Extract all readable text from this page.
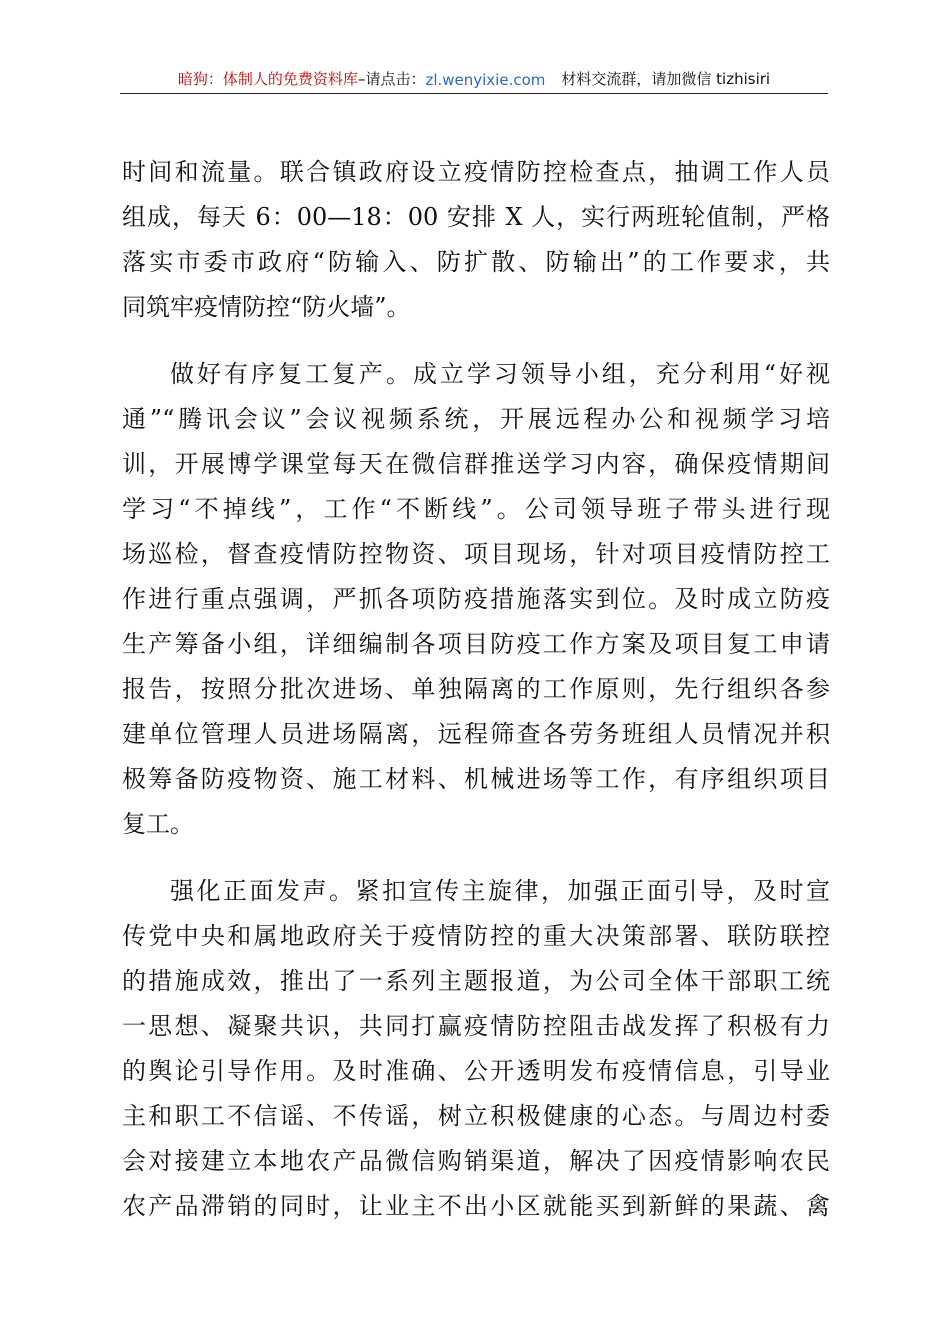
暗狗：体制人的免费资料库 –请点击： zl.wenyixie.com 材料交流群，请加微信 tizhisiri
时间和流量。联合镇政府设立疫情防控检查点，抽调工作人员
组成，每天 6：00—18：00 安排 X 人，实行两班轮值制，严格
落实市委市政府“防输入、防扩散、防输出”的工作要求，共
同筑牢疫情防控“防火墙”。
做好有序复工复产。成立学习领导小组，充分利用“好视
通”“腾讯会议”会议视频系统，开展远程办公和视频学习培
训，开展博学课堂每天在微信群推送学习内容，确保疫情期间
学习“不掉线”，工作“不断线”。公司领导班子带头进行现
场巡检，督查疫情防控物资、项目现场，针对项目疫情防控工
作进行重点强调，严抓各项防疫措施落实到位。及时成立防疫
生产筹备小组，详细编制各项目防疫工作方案及项目复工申请
报告，按照分批次进场、单独隔离的工作原则，先行组织各参
建单位管理人员进场隔离，远程筛查各劳务班组人员情况并积
极筹备防疫物资、施工材料、机械进场等工作，有序组织项目
复工。
强化正面发声。紧扣宣传主旋律，加强正面引导，及时宣
传党中央和属地政府关于疫情防控的重大决策部署、联防联控
的措施成效，推出了一系列主题报道，为公司全体干部职工统
一思想、凝聚共识，共同打赢疫情防控阻击战发挥了积极有力
的舆论引导作用。及时准确、公开透明发布疫情信息，引导业
主和职工不信谣、不传谣，树立积极健康的心态。与周边村委
会对接建立本地农产品微信购销渠道，解决了因疫情影响农民
农产品滞销的同时，让业主不出小区就能买到新鲜的果蔬、禽
